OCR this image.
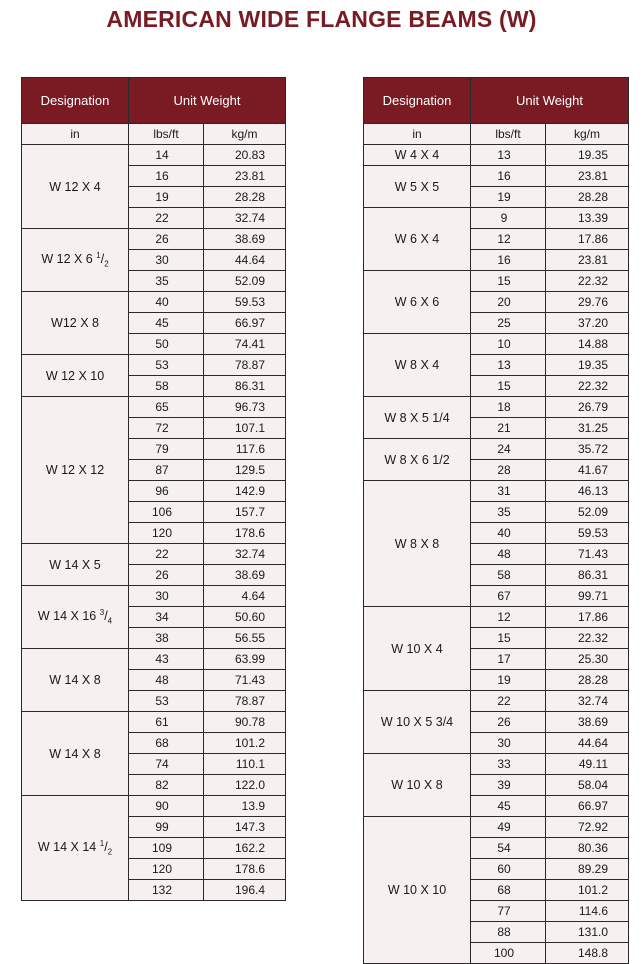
AMERICAN WIDE FLANGE BEAMS (W)
Designation	Unit Weight	
in	lbs/ft	kg/m
W 12 X 4	14	20.83
	16	23.81
	19	28.28
	22	32.74
W 12 X 6 $^1/_2$	26	38.69
	30	44.64
	35	52.09
W12 X 8	40	59.53
	45	66.97
	50	74.41
W 12 X 10	53	78.87
	58	86.31
W 12 X 12	65	96.73
	72	107.1
	79	117.6
	87	129.5
	96	142.9
	106	157.7
	120	178.6
W 14 X 5	22	32.74
	26	38.69
W 14 X 16 $^3/_4$	30	4.64
	34	50.60
	38	56.55
W 14 X 8	43	63.99
	48	71.43
	53	78.87
W 14 X 8	61	90.78
	68	101.2
	74	110.1
	82	122.0
W 14 X 14 $^1/_2$	90	13.9
	99	147.3
	109	162.2
	120	178.6
	132	196.4
Designation	Unit Weight	
in	lbs/ft	kg/m
W 4 X 4	13	19.35
W 5 X 5	16	23.81
	19	28.28
W 6 X 4	9	13.39
	12	17.86
	16	23.81
W 6 X 6	15	22.32
	20	29.76
	25	37.20
W 8 X 4	10	14.88
	13	19.35
	15	22.32
W 8 X 5 1/4	18	26.79
	21	31.25
W 8 X 6 1/2	24	35.72
	28	41.67
W 8 X 8	31	46.13
	35	52.09
	40	59.53
	48	71.43
	58	86.31
	67	99.71
W 10 X 4	12	17.86
	15	22.32
	17	25.30
	19	28.28
W 10 X 5 3/4	22	32.74
	26	38.69
	30	44.64
W 10 X 8	33	49.11
	39	58.04
	45	66.97
W 10 X 10	49	72.92
	54	80.36
	60	89.29
	68	101.2
	77	114.6
	88	131.0
	100	148.8
